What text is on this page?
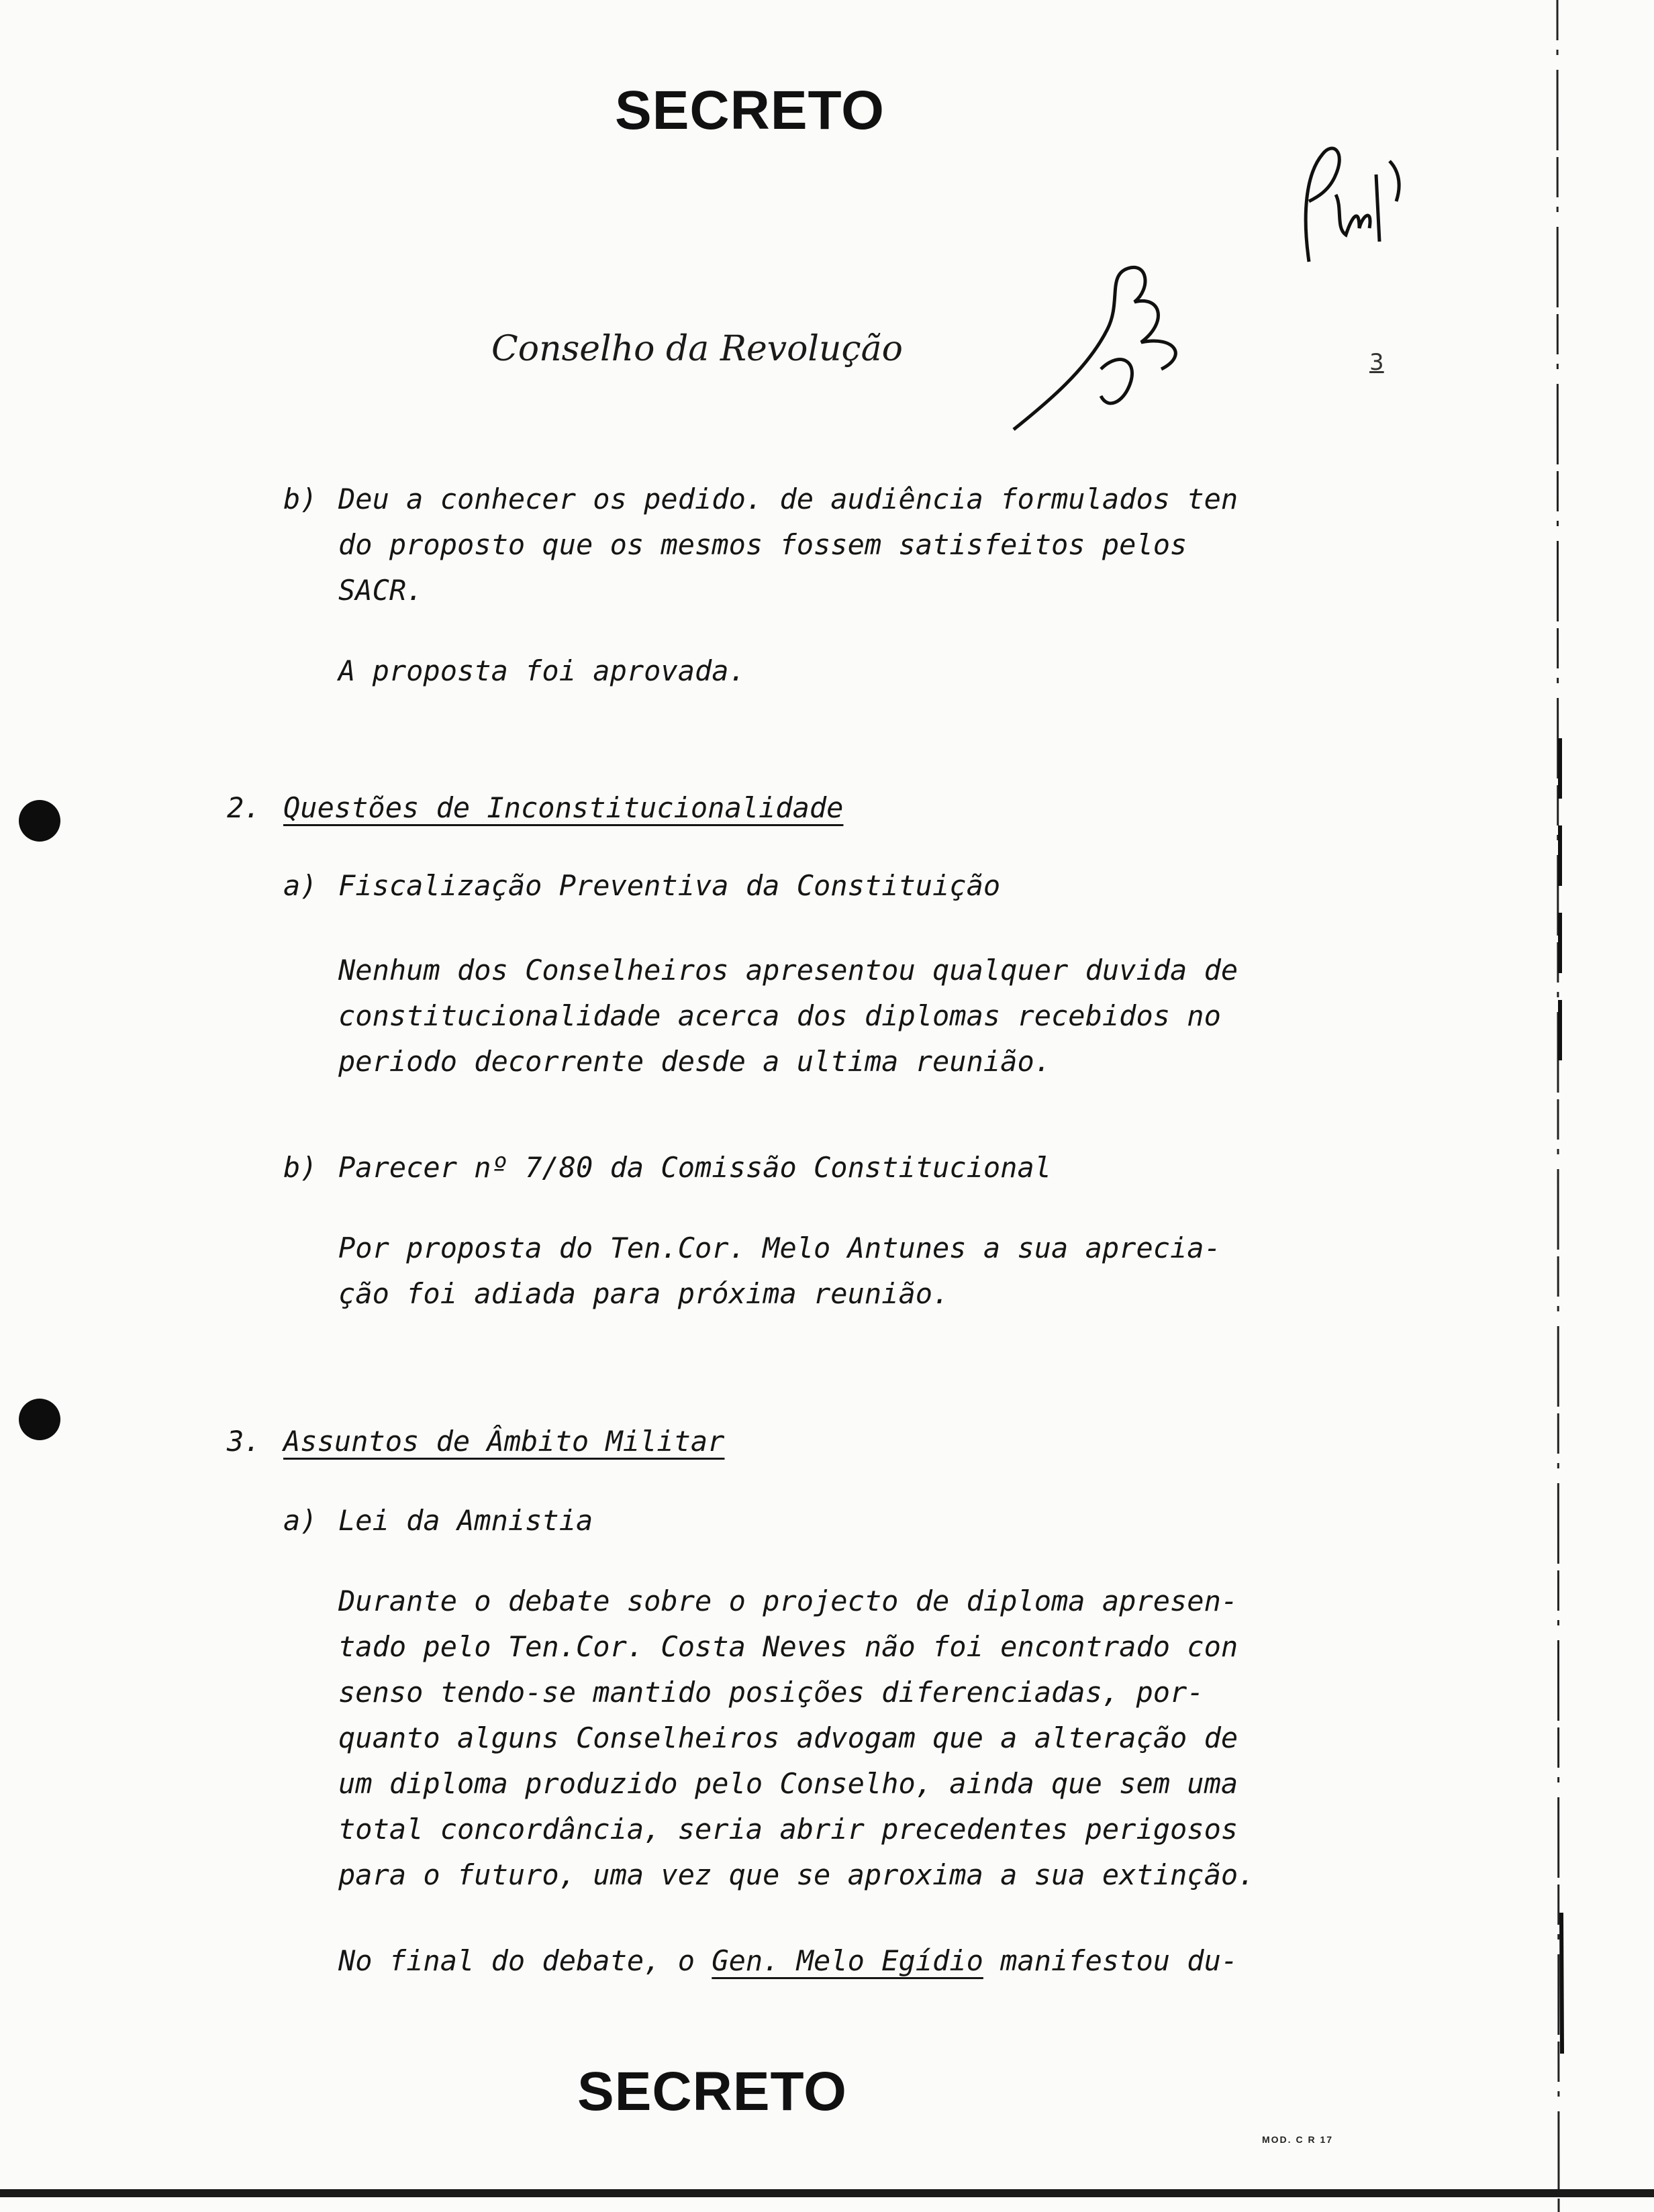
SECRETO
Conselho da Revolução	3
b) Deu a conhecer os pedido. de audiência formulados ten
do proposto que os mesmos fossem satisfeitos pelos
SACR.
A proposta foi aprovada.
2. Questões de Inconstitucionalidade
a) Fiscalização Preventiva da Constituição
Nenhum dos Conselheiros apresentou qualquer duvida de
constitucionalidade acerca dos diplomas recebidos no
periodo decorrente desde a ultima reunião.
b) Parecer nº 7/80 da Comissão Constitucional
Por proposta do Ten.Cor. Melo Antunes a sua aprecia-
ção foi adiada para próxima reunião.
3. Assuntos de Âmbito Militar
a) Lei da Amnistia
Durante o debate sobre o projecto de diploma apresen-
tado pelo Ten.Cor. Costa Neves não foi encontrado con
senso tendo-se mantido posições diferenciadas, por-
quanto alguns Conselheiros advogam que a alteração de
um diploma produzido pelo Conselho, ainda que sem uma
total concordância, seria abrir precedentes perigosos
para o futuro, uma vez que se aproxima a sua extinção.
No final do debate, o Gen. Melo Egídio manifestou du-
SECRETO
MOD. C R 17
